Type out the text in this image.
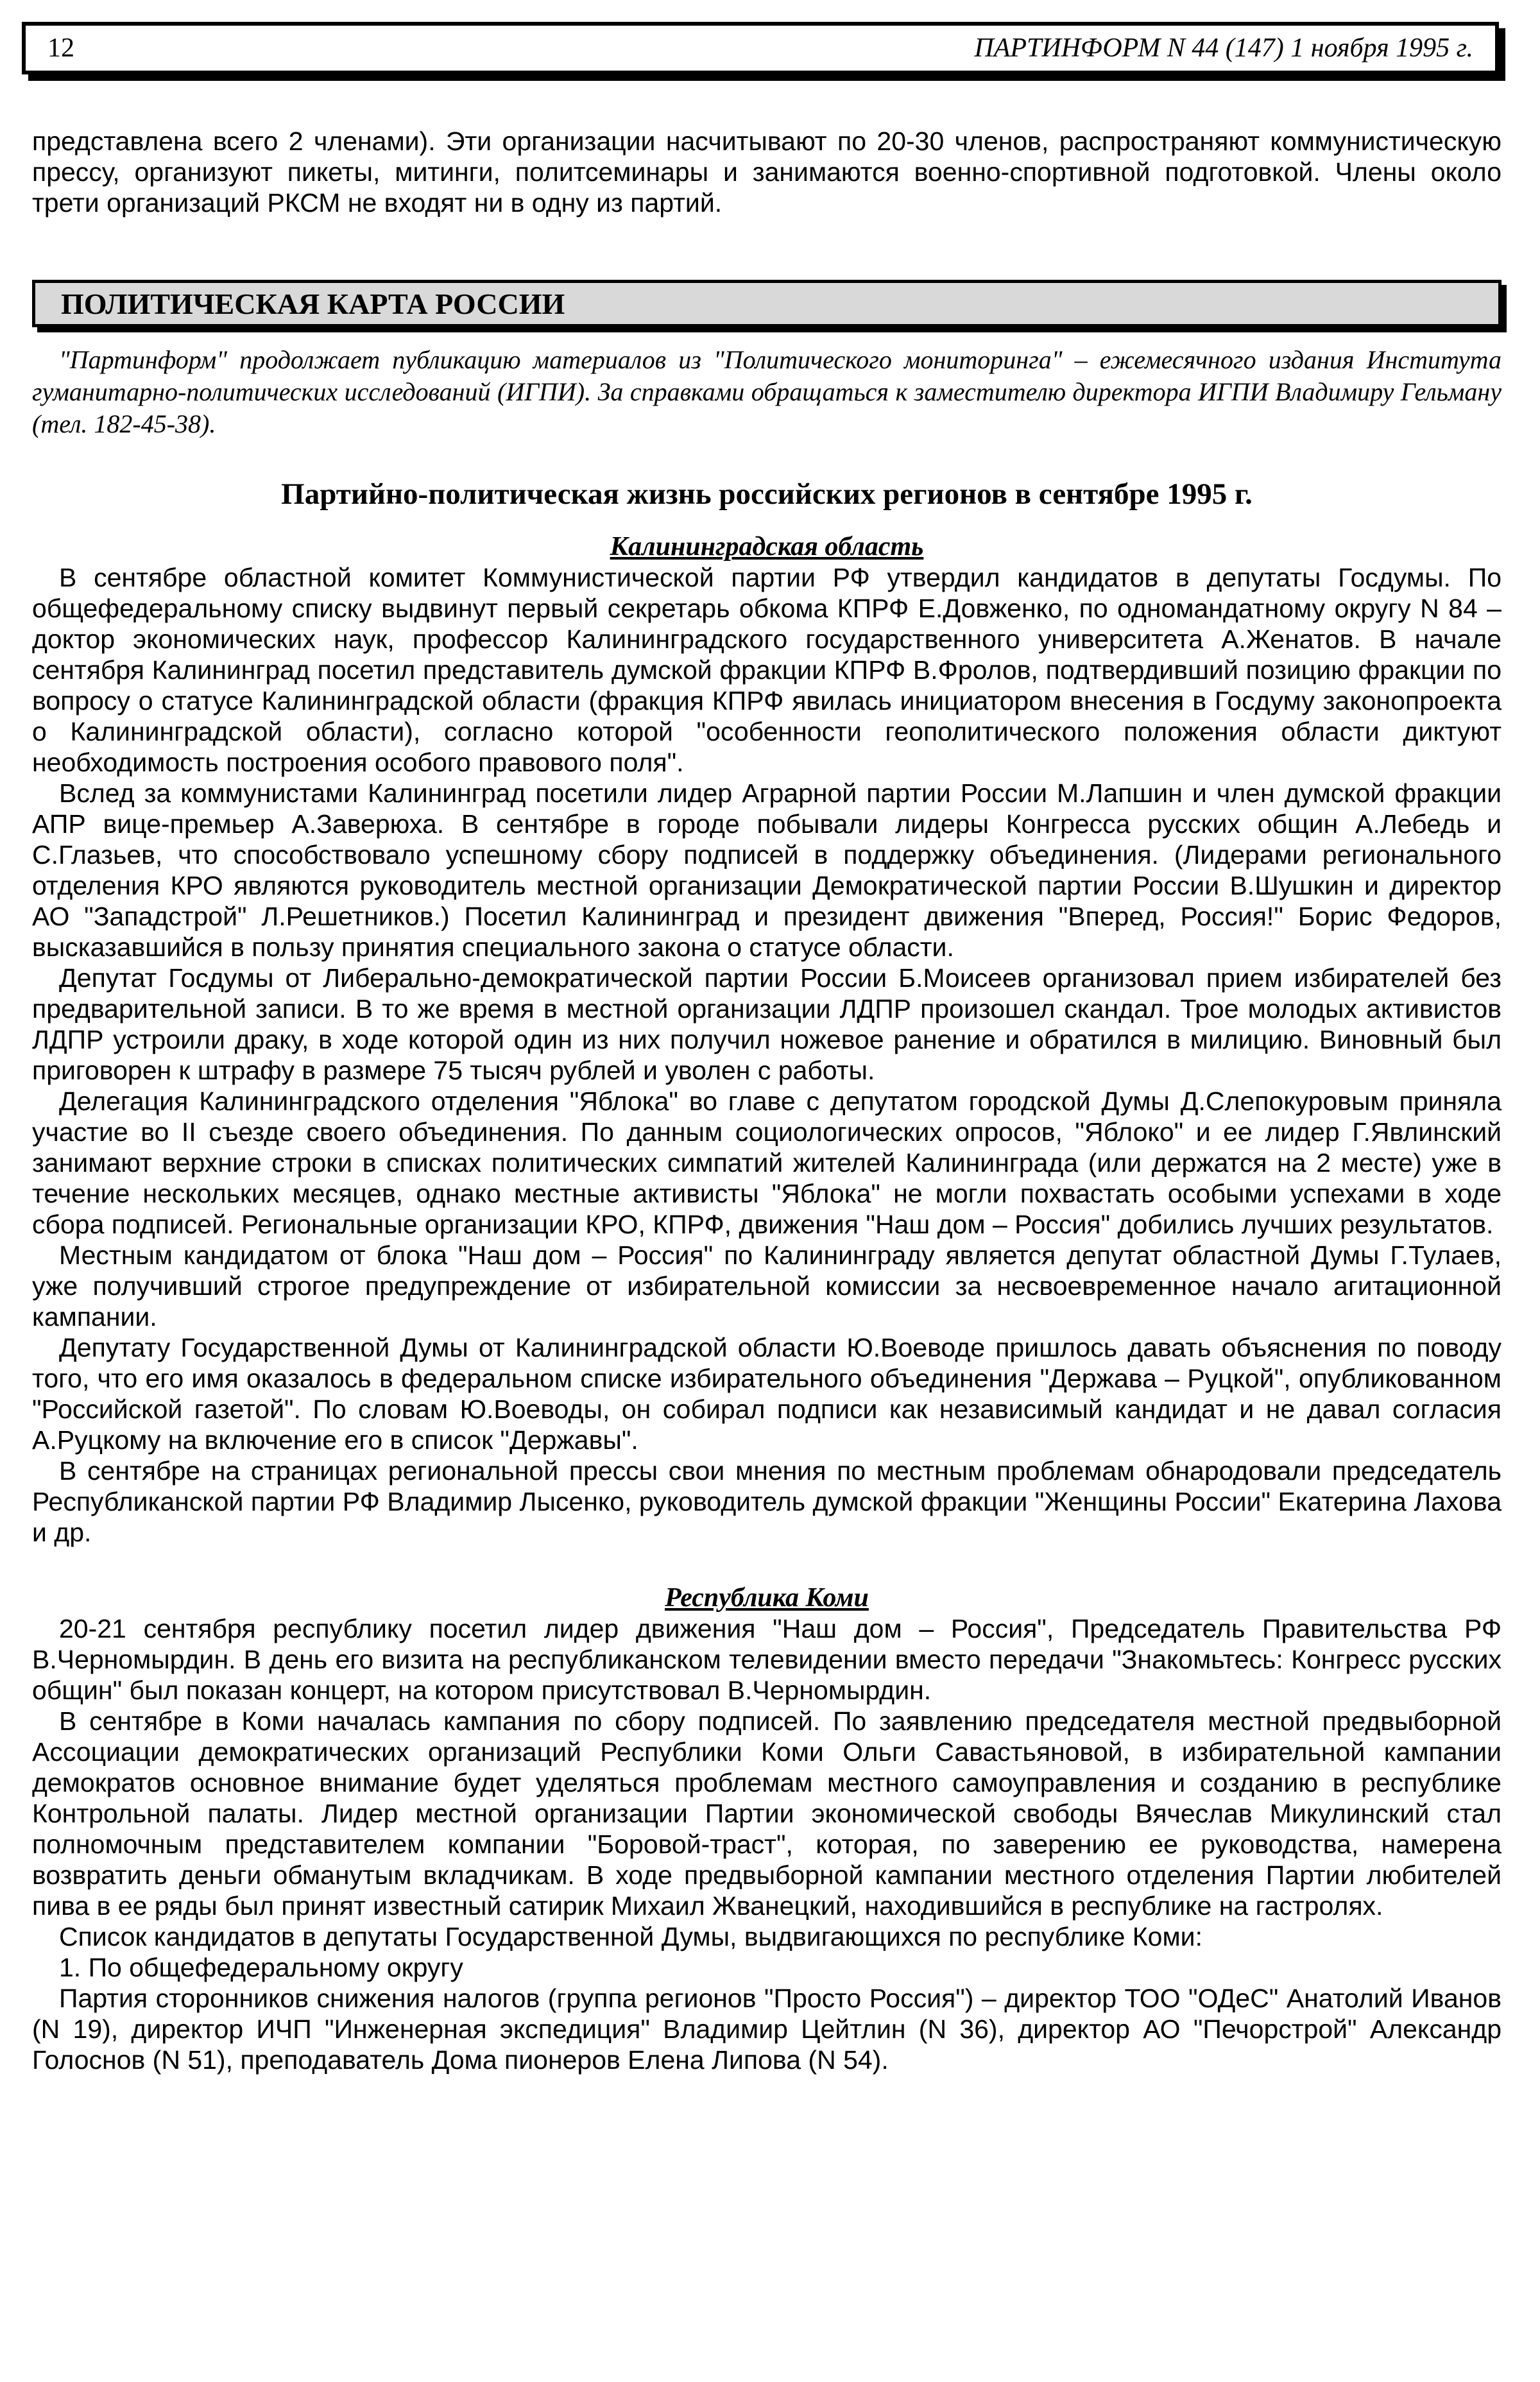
12	ПАРТИНФОРМ N 44 (147) 1 ноября 1995 г.

представлена всего 2 членами). Эти организации насчитывают по 20-30 членов, распространяют коммунистическую прессу, организуют пикеты, митинги, политсеминары и занимаются военно-спортивной подготовкой. Члены около трети организаций РКСМ не входят ни в одну из партий.

ПОЛИТИЧЕСКАЯ КАРТА РОССИИ

"Партинформ" продолжает публикацию материалов из "Политического мониторинга" – ежемесячного издания Института гуманитарно-политических исследований (ИГПИ). За справками обращаться к заместителю директора ИГПИ Владимиру Гельману (тел. 182-45-38).

Партийно-политическая жизнь российских регионов в сентябре 1995 г.

Калининградская область

В сентябре областной комитет Коммунистической партии РФ утвердил кандидатов в депутаты Госдумы. По общефедеральному списку выдвинут первый секретарь обкома КПРФ Е.Довженко, по одномандатному округу N 84 – доктор экономических наук, профессор Калининградского государственного университета А.Женатов. В начале сентября Калининград посетил представитель думской фракции КПРФ В.Фролов, подтвердивший позицию фракции по вопросу о статусе Калининградской области (фракция КПРФ явилась инициатором внесения в Госдуму законопроекта о Калининградской области), согласно которой "особенности геополитического положения области диктуют необходимость построения особого правового поля".

Вслед за коммунистами Калининград посетили лидер Аграрной партии России М.Лапшин и член думской фракции АПР вице-премьер А.Заверюха. В сентябре в городе побывали лидеры Конгресса русских общин А.Лебедь и С.Глазьев, что способствовало успешному сбору подписей в поддержку объединения. (Лидерами регионального отделения КРО являются руководитель местной организации Демократической партии России В.Шушкин и директор АО "Западстрой" Л.Решетников.) Посетил Калининград и президент движения "Вперед, Россия!" Борис Федоров, высказавшийся в пользу принятия специального закона о статусе области.

Депутат Госдумы от Либерально-демократической партии России Б.Моисеев организовал прием избирателей без предварительной записи. В то же время в местной организации ЛДПР произошел скандал. Трое молодых активистов ЛДПР устроили драку, в ходе которой один из них получил ножевое ранение и обратился в милицию. Виновный был приговорен к штрафу в размере 75 тысяч рублей и уволен с работы.

Делегация Калининградского отделения "Яблока" во главе с депутатом городской Думы Д.Слепокуровым приняла участие во II съезде своего объединения. По данным социологических опросов, "Яблоко" и ее лидер Г.Явлинский занимают верхние строки в списках политических симпатий жителей Калининграда (или держатся на 2 месте) уже в течение нескольких месяцев, однако местные активисты "Яблока" не могли похвастать особыми успехами в ходе сбора подписей. Региональные организации КРО, КПРФ, движения "Наш дом – Россия" добились лучших результатов.

Местным кандидатом от блока "Наш дом – Россия" по Калининграду является депутат областной Думы Г.Тулаев, уже получивший строгое предупреждение от избирательной комиссии за несвоевременное начало агитационной кампании.

Депутату Государственной Думы от Калининградской области Ю.Воеводе пришлось давать объяснения по поводу того, что его имя оказалось в федеральном списке избирательного объединения "Держава – Руцкой", опубликованном "Российской газетой". По словам Ю.Воеводы, он собирал подписи как независимый кандидат и не давал согласия А.Руцкому на включение его в список "Державы".

В сентябре на страницах региональной прессы свои мнения по местным проблемам обнародовали председатель Республиканской партии РФ Владимир Лысенко, руководитель думской фракции "Женщины России" Екатерина Лахова и др.

Республика Коми

20-21 сентября республику посетил лидер движения "Наш дом – Россия", Председатель Правительства РФ В.Черномырдин. В день его визита на республиканском телевидении вместо передачи "Знакомьтесь: Конгресс русских общин" был показан концерт, на котором присутствовал В.Черномырдин.

В сентябре в Коми началась кампания по сбору подписей. По заявлению председателя местной предвыборной Ассоциации демократических организаций Республики Коми Ольги Савастьяновой, в избирательной кампании демократов основное внимание будет уделяться проблемам местного самоуправления и созданию в республике Контрольной палаты. Лидер местной организации Партии экономической свободы Вячеслав Микулинский стал полномочным представителем компании "Боровой-траст", которая, по заверению ее руководства, намерена возвратить деньги обманутым вкладчикам. В ходе предвыборной кампании местного отделения Партии любителей пива в ее ряды был принят известный сатирик Михаил Жванецкий, находившийся в республике на гастролях.

Список кандидатов в депутаты Государственной Думы, выдвигающихся по республике Коми:

1. По общефедеральному округу

Партия сторонников снижения налогов (группа регионов "Просто Россия") – директор ТОО "ОДеС" Анатолий Иванов (N 19), директор ИЧП "Инженерная экспедиция" Владимир Цейтлин (N 36), директор АО "Печорстрой" Александр Голоснов (N 51), преподаватель Дома пионеров Елена Липова (N 54).
